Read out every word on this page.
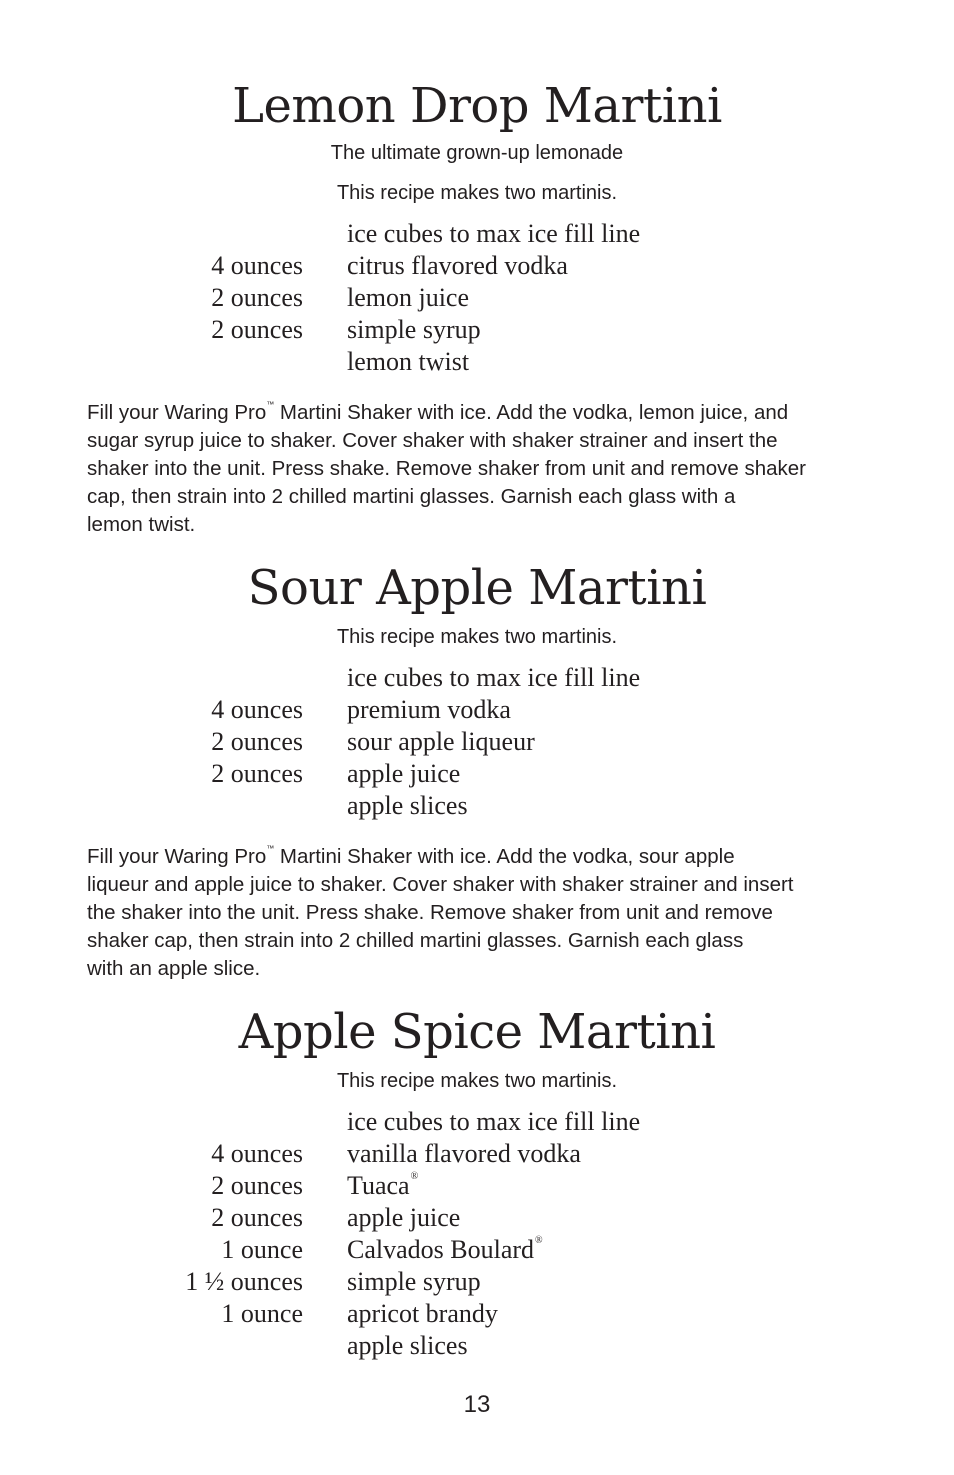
Lemon Drop Martini
The ultimate grown-up lemonade
This recipe makes two martinis.
ice cubes to max ice fill line
4 ounces citrus flavored vodka
2 ounces lemon juice
2 ounces simple syrup
lemon twist
Fill your Waring Pro™ Martini Shaker with ice. Add the vodka, lemon juice, and
sugar syrup juice to shaker. Cover shaker with shaker strainer and insert the
shaker into the unit. Press shake. Remove shaker from unit and remove shaker
cap, then strain into 2 chilled martini glasses. Garnish each glass with a
lemon twist.
Sour Apple Martini
This recipe makes two martinis.
ice cubes to max ice fill line
4 ounces premium vodka
2 ounces sour apple liqueur
2 ounces apple juice
apple slices
Fill your Waring Pro™ Martini Shaker with ice. Add the vodka, sour apple
liqueur and apple juice to shaker. Cover shaker with shaker strainer and insert
the shaker into the unit. Press shake. Remove shaker from unit and remove
shaker cap, then strain into 2 chilled martini glasses. Garnish each glass
with an apple slice.
Apple Spice Martini
This recipe makes two martinis.
ice cubes to max ice fill line
4 ounces vanilla flavored vodka
2 ounces Tuaca®
2 ounces apple juice
1 ounce Calvados Boulard®
1 ½ ounces simple syrup
1 ounce apricot brandy
apple slices
13
